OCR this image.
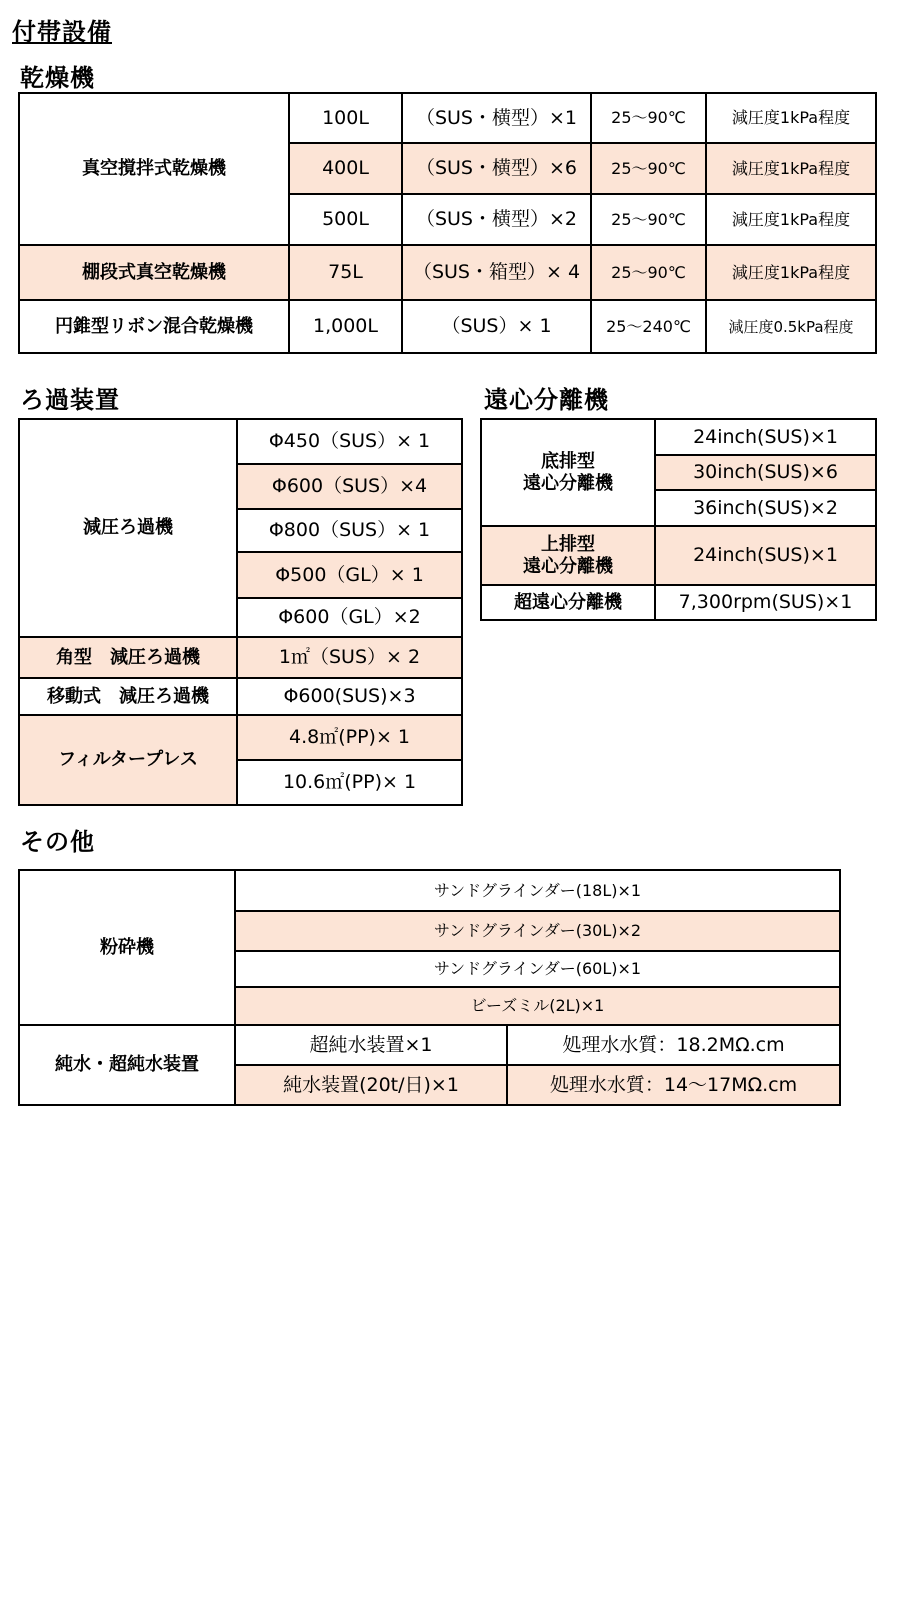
付帯設備
乾燥機
真空撹拌式乾燥機	100L	（SUS・横型）×1	25～90℃	減圧度1kPa程度
	400L	（SUS・横型）×6	25～90℃	減圧度1kPa程度
	500L	（SUS・横型）×2	25～90℃	減圧度1kPa程度
棚段式真空乾燥機	75L	（SUS・箱型）× 4	25～90℃	減圧度1kPa程度
円錐型リボン混合乾燥機	1,000L	（SUS）× 1	25～240℃	減圧度0.5kPa程度
ろ過装置
減圧ろ過機	Φ450（SUS）× 1
	Φ600（SUS）×4
	Φ800（SUS）× 1
	Φ500（GL）× 1
	Φ600（GL）×2
角型　減圧ろ過機	1㎡（SUS）× 2
移動式　減圧ろ過機	Φ600(SUS)×3
フィルタープレス	4.8㎡(PP)× 1
	10.6㎡(PP)× 1
遠心分離機
底排型
遠心分離機	24inch(SUS)×1
	30inch(SUS)×6
	36inch(SUS)×2
上排型
遠心分離機	24inch(SUS)×1
超遠心分離機	7,300rpm(SUS)×1
その他
粉砕機	サンドグラインダー(18L)×1	
	サンドグラインダー(30L)×2	
	サンドグラインダー(60L)×1	
	ビーズミル(2L)×1	
純水・超純水装置	超純水装置×1	処理水水質：18.2MΩ.cm
	純水装置(20t/日)×1	処理水水質：14～17MΩ.cm
